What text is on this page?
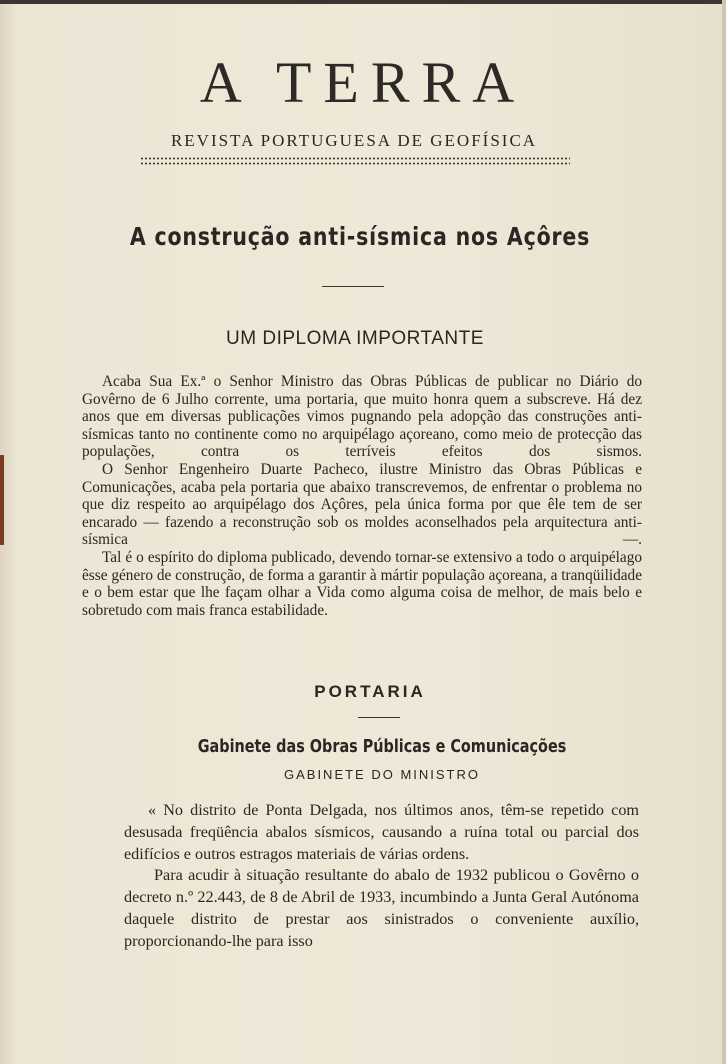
A TERRA
REVISTA PORTUGUESA DE GEOFÍSICA
A construção anti-sísmica nos Açôres
UM DIPLOMA IMPORTANTE

Acaba Sua Ex.ª o Senhor Ministro das Obras Públicas de publicar no Diário do Govêrno de 6 Julho corrente, uma portaria, que muito honra quem a subscreve. Há dez anos que em diversas publicações vimos pugnando pela adopção das construções anti-sísmicas tanto no continente como no arquipélago açoreano, como meio de protecção das populações, contra os terríveis efeitos dos sismos.

O Senhor Engenheiro Duarte Pacheco, ilustre Ministro das Obras Públicas e Comunicações, acaba pela portaria que abaixo transcrevemos, de enfrentar o problema no que diz respeito ao arquipélago dos Açôres, pela única forma por que êle tem de ser encarado — fazendo a reconstrução sob os moldes aconselhados pela arquitectura anti-sísmica —.

Tal é o espírito do diploma publicado, devendo tornar-se extensivo a todo o arquipélago êsse género de construção, de forma a garantir à mártir população açoreana, a tranqüilidade e o bem estar que lhe façam olhar a Vida como alguma coisa de melhor, de mais belo e sobretudo com mais franca estabilidade.

PORTARIA
Gabinete das Obras Públicas e Comunicações
GABINETE DO MINISTRO

« No distrito de Ponta Delgada, nos últimos anos, têm-se repetido com desusada freqüência abalos sísmicos, causando a ruína total ou parcial dos edifícios e outros estragos materiais de várias ordens.

Para acudir à situação resultante do abalo de 1932 publicou o Govêrno o decreto n.º 22.443, de 8 de Abril de 1933, incumbindo a Junta Geral Autónoma daquele distrito de prestar aos sinistrados o conveniente auxílio, proporcionando-lhe para isso
